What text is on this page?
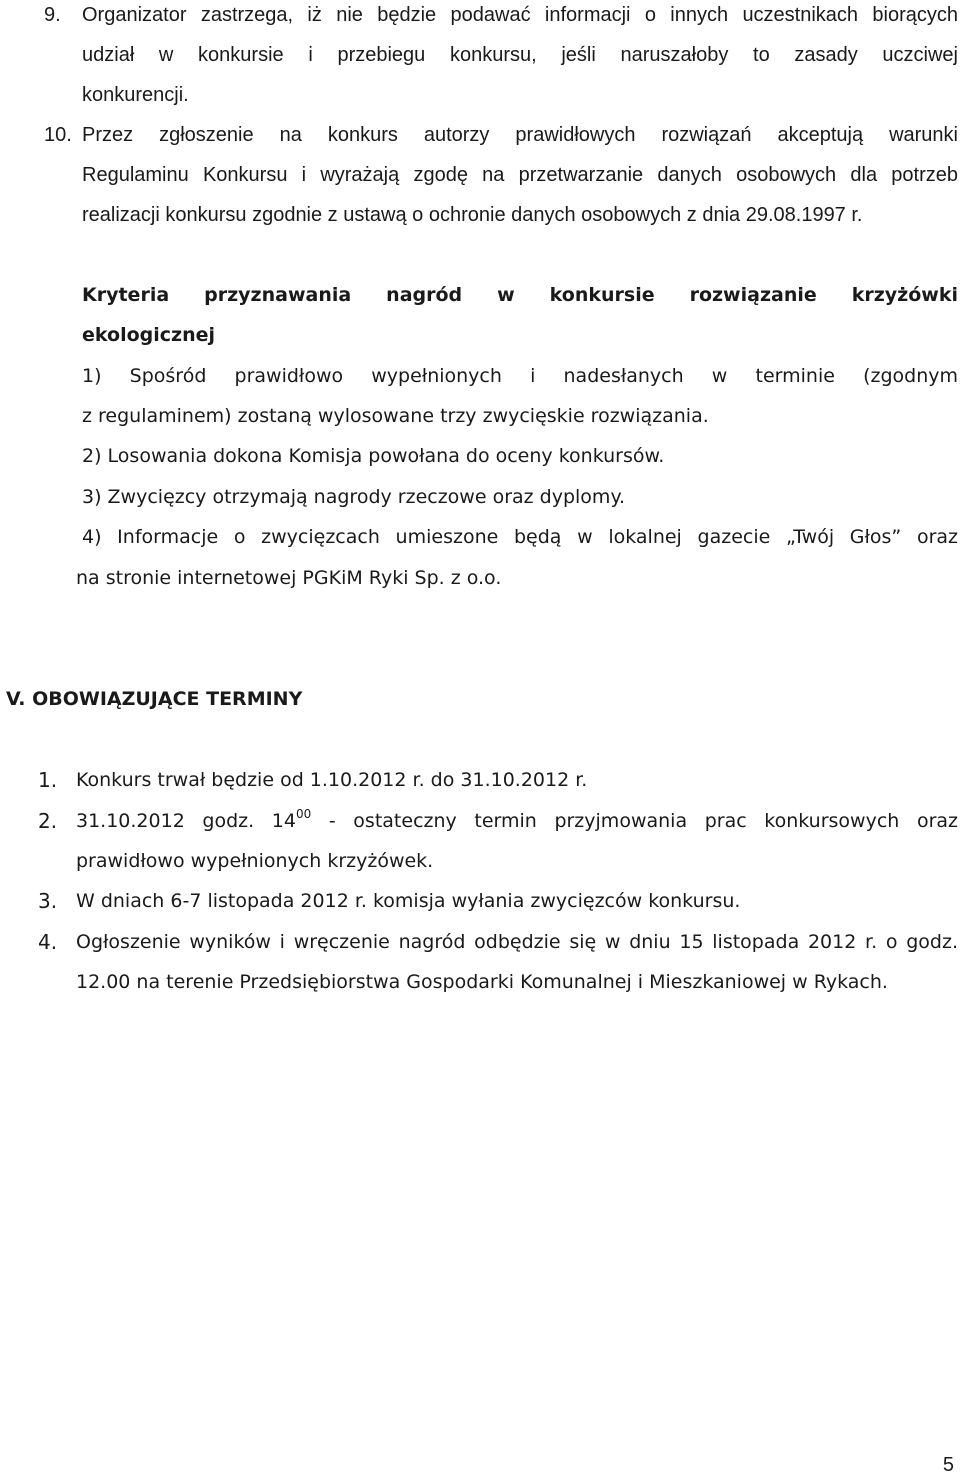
9. Organizator zastrzega, iż nie będzie podawać informacji o innych uczestnikach biorących

udział w konkursie i przebiegu konkursu, jeśli naruszałoby to zasady uczciwej

konkurencji.

10. Przez zgłoszenie na konkurs autorzy prawidłowych rozwiązań akceptują warunki

Regulaminu Konkursu i wyrażają zgodę na przetwarzanie danych osobowych dla potrzeb

realizacji konkursu zgodnie z ustawą o ochronie danych osobowych z dnia 29.08.1997 r.

Kryteria przyznawania nagród w konkursie rozwiązanie krzyżówki

ekologicznej

1) Spośród prawidłowo wypełnionych i nadesłanych w terminie (zgodnym

z regulaminem) zostaną wylosowane trzy zwycięskie rozwiązania.

2) Losowania dokona Komisja powołana do oceny konkursów.

3) Zwycięzcy otrzymają nagrody rzeczowe oraz dyplomy.

4) Informacje o zwycięzcach umieszone będą w lokalnej gazecie „Twój Głos” oraz

na stronie internetowej PGKiM Ryki Sp. z o.o.

V. OBOWIĄZUJĄCE TERMINY

1. Konkurs trwał będzie od 1.10.2012 r. do 31.10.2012 r.

2. 31.10.2012 godz. $14^{00}$ - ostateczny termin przyjmowania prac konkursowych oraz

prawidłowo wypełnionych krzyżówek.

3. W dniach 6-7 listopada 2012 r. komisja wyłania zwycięzców konkursu.

4. Ogłoszenie wyników i wręczenie nagród odbędzie się w dniu 15 listopada 2012 r. o godz.

12.00 na terenie Przedsiębiorstwa Gospodarki Komunalnej i Mieszkaniowej w Rykach.

5
